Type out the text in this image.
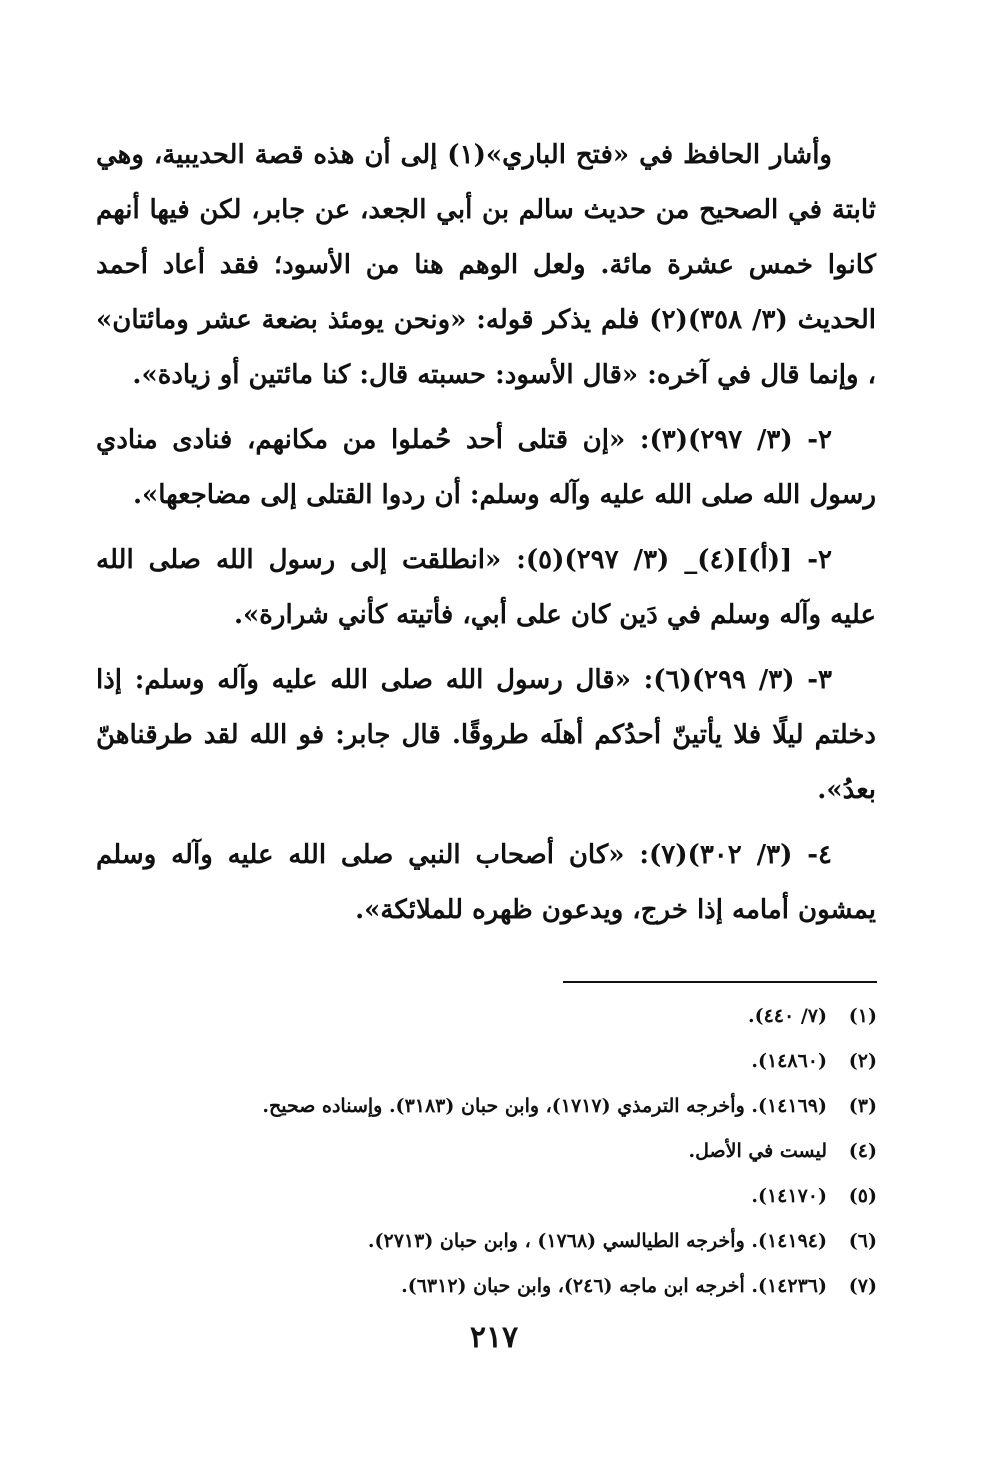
وأشار الحافظ في «فتح الباري»(١) إلى أن هذه قصة الحديبية، وهي ثابتة في الصحيح من حديث سالم بن أبي الجعد، عن جابر، لكن فيها أنهم كانوا خمس عشرة مائة. ولعل الوهم هنا من الأسود؛ فقد أعاد أحمد الحديث (٣/ ٣٥٨)(٢) فلم يذكر قوله: «ونحن يومئذ بضعة عشر ومائتان» ، وإنما قال في آخره: «قال الأسود: حسبته قال: كنا مائتين أو زيادة».

٢- (٣/ ٢٩٧)(٣): «إن قتلى أحد حُملوا من مكانهم، فنادى منادي رسول الله صلى الله عليه وآله وسلم: أن ردوا القتلى إلى مضاجعها».

٢- [(أ)](٤)_ (٣/ ٢٩٧)(٥): «انطلقت إلى رسول الله صلى الله عليه وآله وسلم في دَين كان على أبي، فأتيته كأني شرارة».

٣- (٣/ ٢٩٩)(٦): «قال رسول الله صلى الله عليه وآله وسلم: إذا دخلتم ليلًا فلا يأتينّ أحدُكم أهلَه طروقًا. قال جابر: فو الله لقد طرقناهنّ بعدُ».

٤- (٣/ ٣٠٢)(٧): «كان أصحاب النبي صلى الله عليه وآله وسلم يمشون أمامه إذا خرج، ويدعون ظهره للملائكة».

(١)
(٧/ ٤٤٠).
(٢)
(١٤٨٦٠).
(٣)
(١٤١٦٩). وأخرجه الترمذي (١٧١٧)، وابن حبان (٣١٨٣). وإسناده صحيح.
(٤)
ليست في الأصل.
(٥)
(١٤١٧٠).
(٦)
(١٤١٩٤). وأخرجه الطيالسي (١٧٦٨) ، وابن حبان (٢٧١٣).
(٧)
(١٤٢٣٦). أخرجه ابن ماجه (٢٤٦)، وابن حبان (٦٣١٢).
٢١٧
